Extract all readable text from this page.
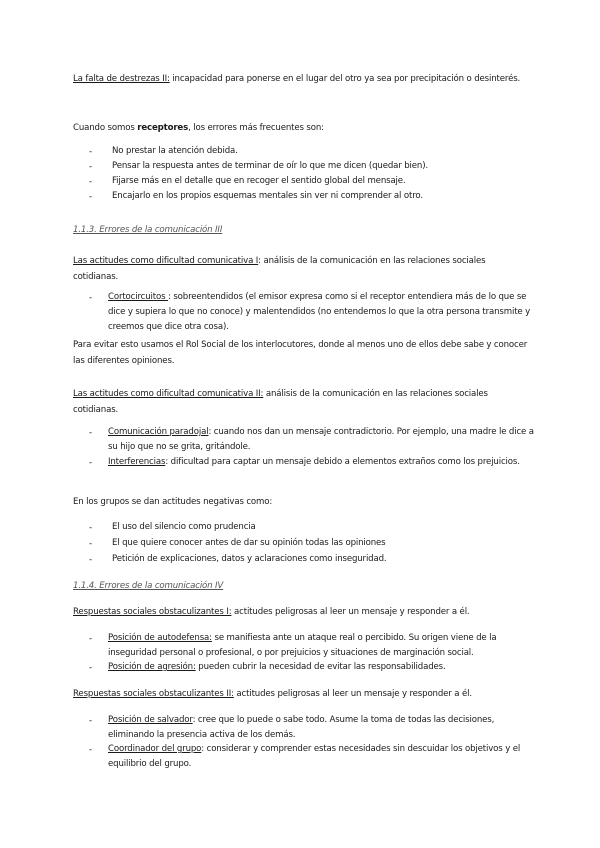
La falta de destrezas II: incapacidad para ponerse en el lugar del otro ya sea por precipitación o desinterés.
Cuando somos receptores, los errores más frecuentes son:
- No prestar la atención debida.
- Pensar la respuesta antes de terminar de oír lo que me dicen (quedar bien).
- Fijarse más en el detalle que en recoger el sentido global del mensaje.
- Encajarlo en los propios esquemas mentales sin ver ni comprender al otro.
1.1.3. Errores de la comunicación III
Las actitudes como dificultad comunicativa I: análisis de la comunicación en las relaciones sociales cotidianas.
- Cortocircuitos : sobreentendidos (el emisor expresa como si el receptor entendiera más de lo que se dice y supiera lo que no conoce) y malentendidos (no entendemos lo que la otra persona transmite y creemos que dice otra cosa).
Para evitar esto usamos el Rol Social de los interlocutores, donde al menos uno de ellos debe sabe y conocer las diferentes opiniones.
Las actitudes como dificultad comunicativa II: análisis de la comunicación en las relaciones sociales cotidianas.
- Comunicación paradojal: cuando nos dan un mensaje contradictorio. Por ejemplo, una madre le dice a su hijo que no se grita, gritándole.
- Interferencias: dificultad para captar un mensaje debido a elementos extraños como los prejuicios.
En los grupos se dan actitudes negativas como:
- El uso del silencio como prudencia
- El que quiere conocer antes de dar su opinión todas las opiniones
- Petición de explicaciones, datos y aclaraciones como inseguridad.
1.1.4. Errores de la comunicación IV
Respuestas sociales obstaculizantes I: actitudes peligrosas al leer un mensaje y responder a él.
- Posición de autodefensa: se manifiesta ante un ataque real o percibido. Su origen viene de la inseguridad personal o profesional, o por prejuicios y situaciones de marginación social.
- Posición de agresión: pueden cubrir la necesidad de evitar las responsabilidades.
Respuestas sociales obstaculizantes II: actitudes peligrosas al leer un mensaje y responder a él.
- Posición de salvador: cree que lo puede o sabe todo. Asume la toma de todas las decisiones, eliminando la presencia activa de los demás.
- Coordinador del grupo: considerar y comprender estas necesidades sin descuidar los objetivos y el equilibrio del grupo.
